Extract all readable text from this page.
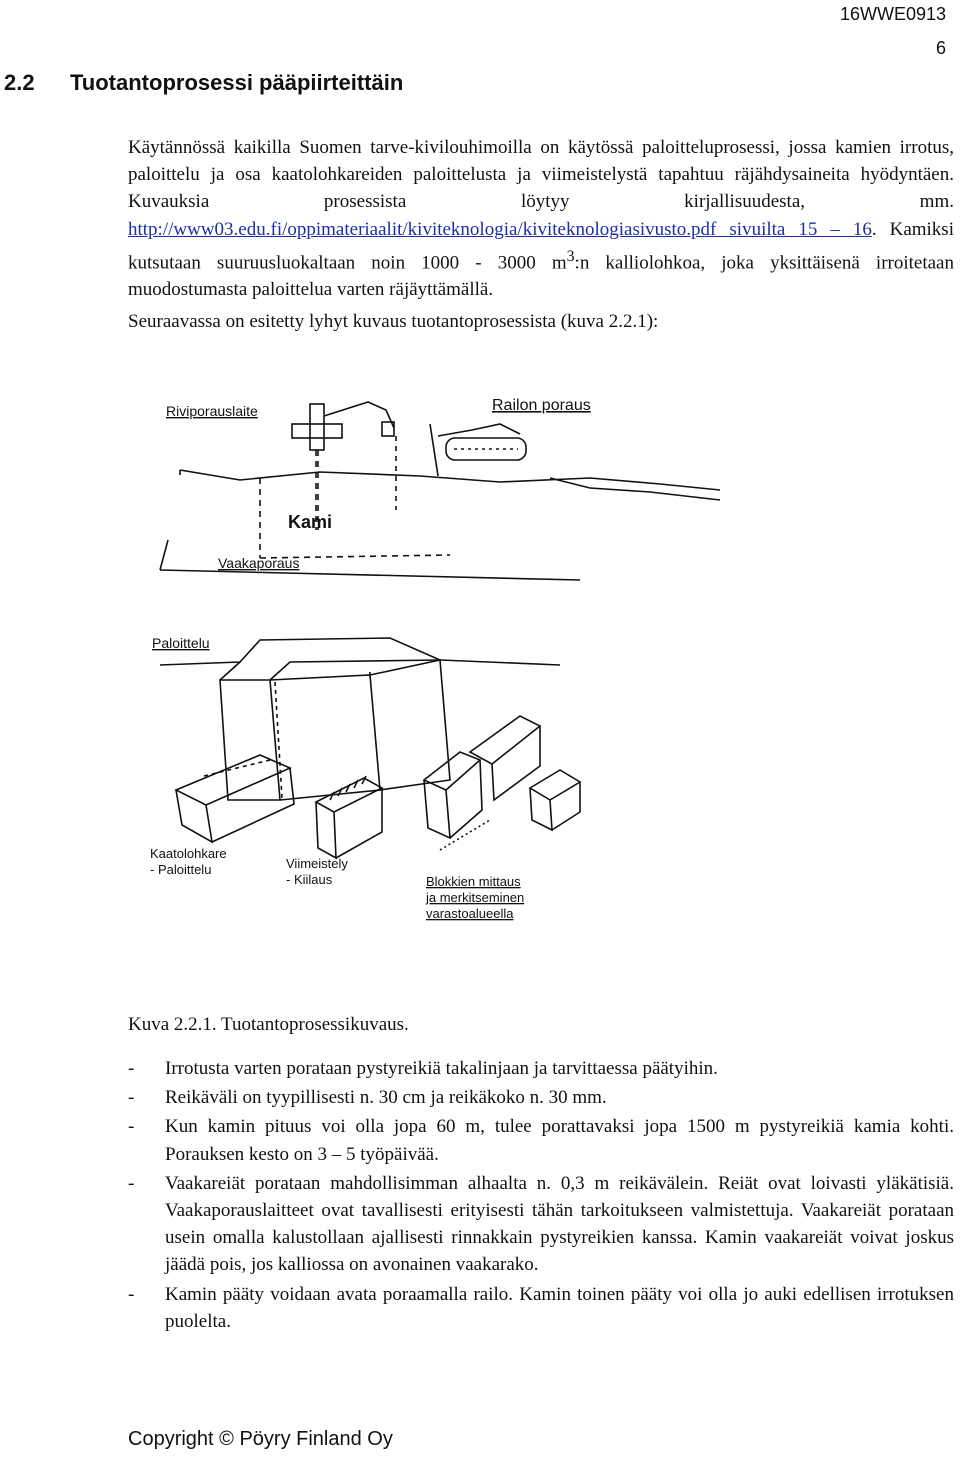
16WWE0913
6
2.2 Tuotantoprosessi pääpiirteittäin
Käytännössä kaikilla Suomen tarve-kivilouhimoilla on käytössä paloitteluprosessi, jossa kamien irrotus, paloittelu ja osa kaatolohkareiden paloittelusta ja viimeistelystä tapahtuu räjähdysaineita hyödyntäen. Kuvauksia prosessista löytyy kirjallisuudesta, mm. http://www03.edu.fi/oppimateriaalit/kiviteknologia/kiviteknologiasivusto.pdf sivuilta 15 – 16. Kamiksi kutsutaan suuruusluokaltaan noin 1000 - 3000 $m^3:n$ kalliolohkoa, joka yksittäisenä irroitetaan muodostumasta paloittelua varten räjäyttämällä.
Seuraavassa on esitetty lyhyt kuvaus tuotantoprosessista (kuva 2.2.1):
Riviporauslaite	Railon poraus
Kami
Vaakaporaus
Paloittelu
Kaatolohkare
- Paloittelu	Viimeistely
- Kiilaus	Blokkien mittaus
ja merkitseminen
varastoalueella
Kuva 2.2.1. Tuotantoprosessikuvaus.
- Irrotusta varten porataan pystyreikiä takalinjaan ja tarvittaessa päätyihin.
- Reikäväli on tyypillisesti n. 30 cm ja reikäkoko n. 30 mm.
- Kun kamin pituus voi olla jopa 60 m, tulee porattavaksi jopa 1500 m pystyreikiä kamia kohti. Porauksen kesto on 3 – 5 työpäivää.
- Vaakareiät porataan mahdollisimman alhaalta n. 0,3 m reikävälein. Reiät ovat loivasti yläkätisiä. Vaakaporauslaitteet ovat tavallisesti erityisesti tähän tarkoitukseen valmistettuja. Vaakareiät porataan usein omalla kalustollaan ajallisesti rinnakkain pystyreikien kanssa. Kamin vaakareiät voivat joskus jäädä pois, jos kalliossa on avonainen vaakarako.
- Kamin pääty voidaan avata poraamalla railo. Kamin toinen pääty voi olla jo auki edellisen irrotuksen puolelta.
Copyright © Pöyry Finland Oy
